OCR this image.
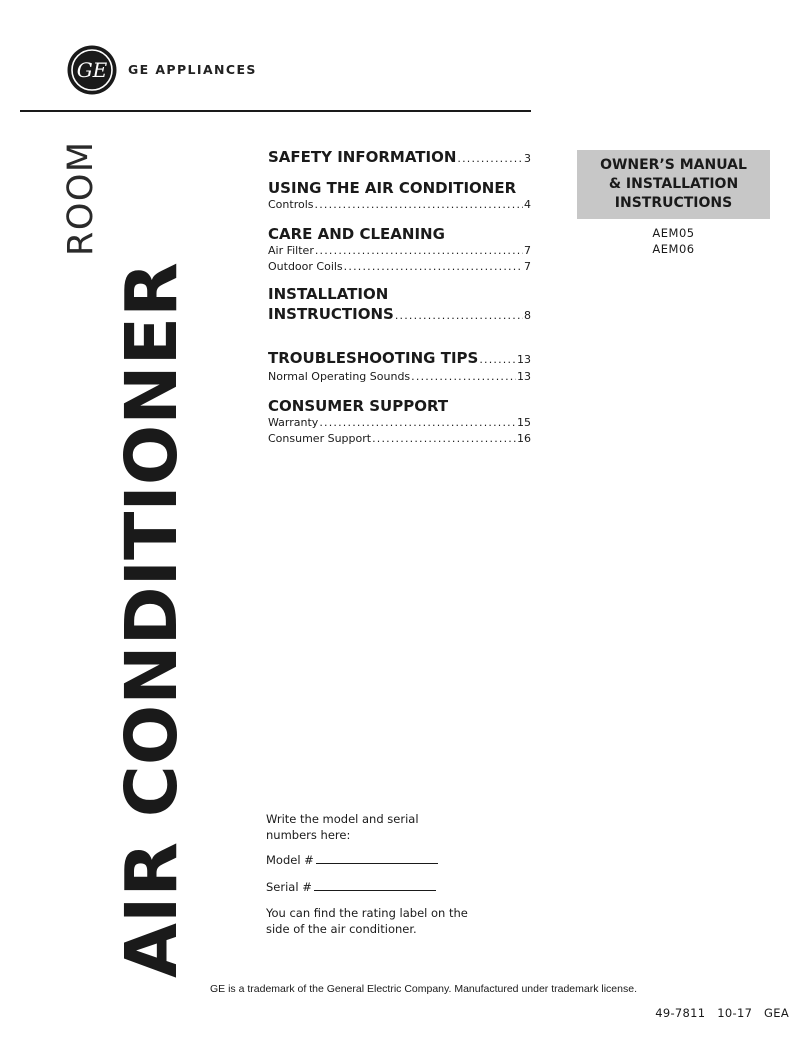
GE GE APPLIANCES
ROOM
AIR CONDITIONER
SAFETY INFORMATION .....	3
USING THE AIR CONDITIONER
Controls .....	4
CARE AND CLEANING
Air Filter .....	7
Outdoor Coils .....	7
INSTALLATION
INSTRUCTIONS .....	8
TROUBLESHOOTING TIPS .....	13
Normal Operating Sounds .....	13
CONSUMER SUPPORT
Warranty .....	15
Consumer Support .....	16
OWNER’S MANUAL
& INSTALLATION
INSTRUCTIONS
AEM05
AEM06
Write the model and serial
numbers here:
Model #
Serial #
You can find the rating label on the
side of the air conditioner.
GE is a trademark of the General Electric Company. Manufactured under trademark license.
49-7811   10-17   GEA
